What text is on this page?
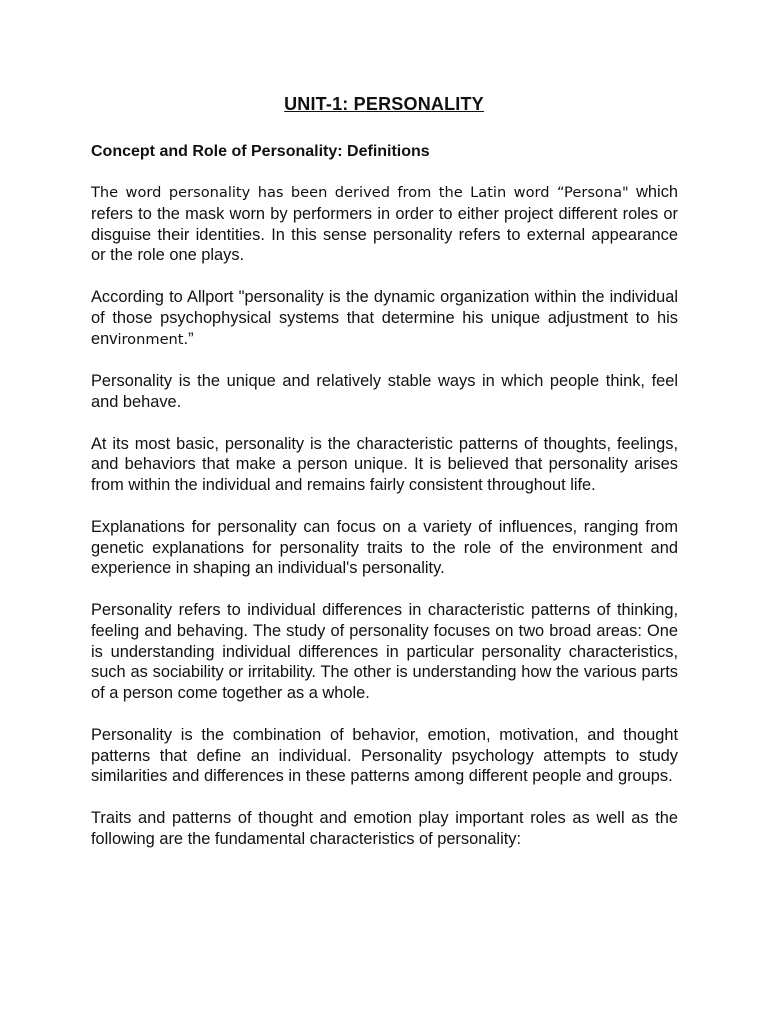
UNIT-1: PERSONALITY
Concept and Role of Personality: Definitions

The word personality has been derived from the Latin word “Persona" which refers to the mask worn by performers in order to either project different roles or disguise their identities. In this sense personality refers to external appearance or the role one plays.

According to Allport "personality is the dynamic organization within the individual of those psychophysical systems that determine his unique adjustment to his environment.”

Personality is the unique and relatively stable ways in which people think, feel and behave.

At its most basic, personality is the characteristic patterns of thoughts, feelings, and behaviors that make a person unique. It is believed that personality arises from within the individual and remains fairly consistent throughout life.

Explanations for personality can focus on a variety of influences, ranging from genetic explanations for personality traits to the role of the environment and experience in shaping an individual's personality.

Personality refers to individual differences in characteristic patterns of thinking, feeling and behaving. The study of personality focuses on two broad areas: One is understanding individual differences in particular personality characteristics, such as sociability or irritability. The other is understanding how the various parts of a person come together as a whole.

Personality is the combination of behavior, emotion, motivation, and thought patterns that define an individual. Personality psychology attempts to study similarities and differences in these patterns among different people and groups.

Traits and patterns of thought and emotion play important roles as well as the following are the fundamental characteristics of personality:
